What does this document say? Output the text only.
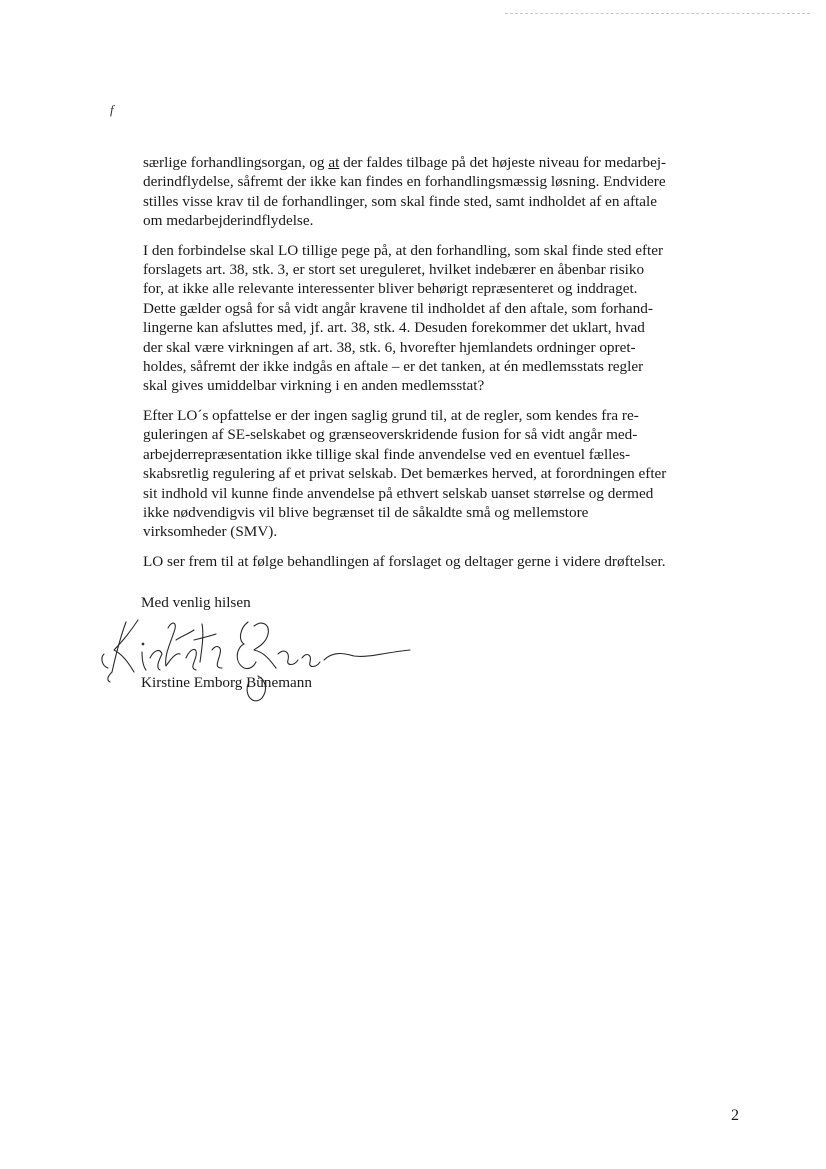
f

særlige forhandlingsorgan, og at der faldes tilbage på det højeste niveau for medarbej-
derindflydelse, såfremt der ikke kan findes en forhandlingsmæssig løsning. Endvidere
stilles visse krav til de forhandlinger, som skal finde sted, samt indholdet af en aftale
om medarbejderindflydelse.

I den forbindelse skal LO tillige pege på, at den forhandling, som skal finde sted efter
forslagets art. 38, stk. 3, er stort set ureguleret, hvilket indebærer en åbenbar risiko
for, at ikke alle relevante interessenter bliver behørigt repræsenteret og inddraget.
Dette gælder også for så vidt angår kravene til indholdet af den aftale, som forhand-
lingerne kan afsluttes med, jf. art. 38, stk. 4. Desuden forekommer det uklart, hvad
der skal være virkningen af art. 38, stk. 6, hvorefter hjemlandets ordninger opret-
holdes, såfremt der ikke indgås en aftale – er det tanken, at én medlemsstats regler
skal gives umiddelbar virkning i en anden medlemsstat?

Efter LO´s opfattelse er der ingen saglig grund til, at de regler, som kendes fra re-
guleringen af SE-selskabet og grænseoverskridende fusion for så vidt angår med-
arbejderrepræsentation ikke tillige skal finde anvendelse ved en eventuel fælles-
skabsretlig regulering af et privat selskab. Det bemærkes herved, at forordningen efter
sit indhold vil kunne finde anvendelse på ethvert selskab uanset størrelse og dermed
ikke nødvendigvis vil blive begrænset til de såkaldte små og mellemstore
virksomheder (SMV).

LO ser frem til at følge behandlingen af forslaget og deltager gerne i videre drøftelser.

Med venlig hilsen
Kirstine Emborg Bünemann
2
